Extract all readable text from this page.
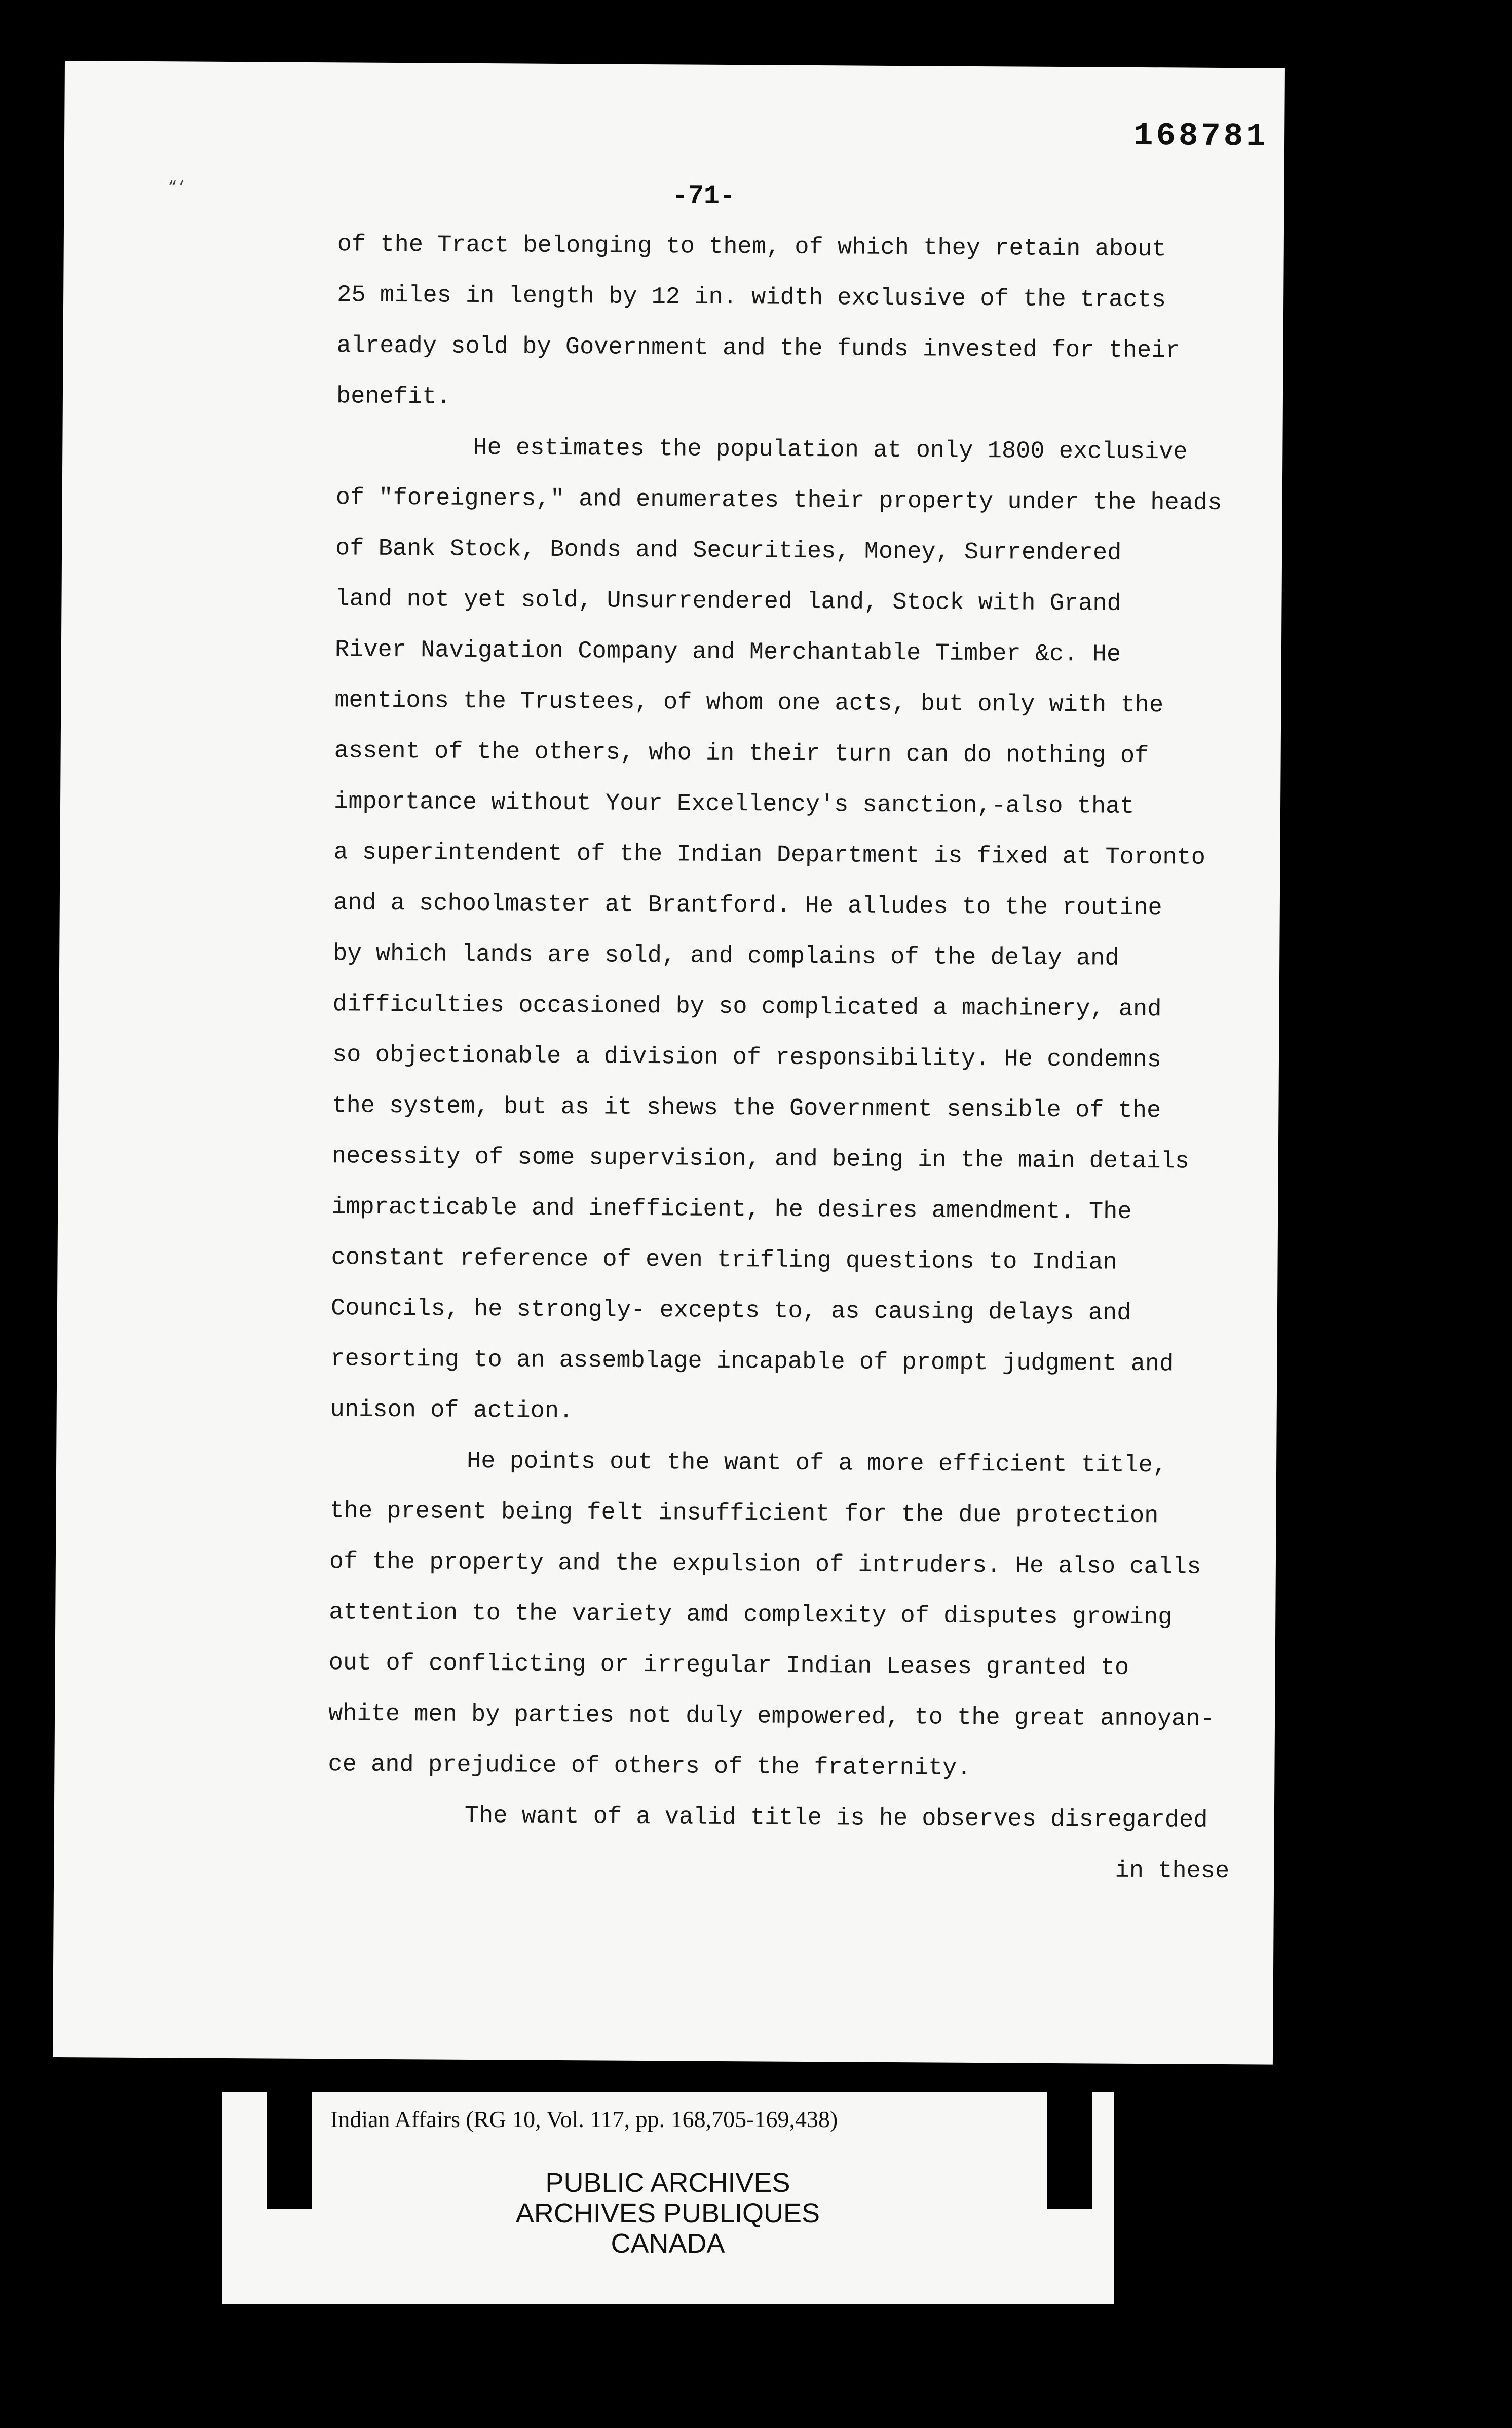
“‘
168781
-71-
of the Tract belonging to them, of which they retain about
25 miles in length by 12 in. width exclusive of the tracts
already sold by Government and the funds invested for their
benefit.
He estimates the population at only 1800 exclusive
of "foreigners," and enumerates their property under the heads
of Bank Stock, Bonds and Securities, Money, Surrendered
land not yet sold, Unsurrendered land, Stock with Grand
River Navigation Company and Merchantable Timber &c. He
mentions the Trustees, of whom one acts, but only with the
assent of the others, who in their turn can do nothing of
importance without Your Excellency's sanction,-also that
a superintendent of the Indian Department is fixed at Toronto
and a schoolmaster at Brantford. He alludes to the routine
by which lands are sold, and complains of the delay and
difficulties occasioned by so complicated a machinery, and
so objectionable a division of responsibility. He condemns
the system, but as it shews the Government sensible of the
necessity of some supervision, and being in the main details
impracticable and inefficient, he desires amendment. The
constant reference of even trifling questions to Indian
Councils, he strongly- excepts to, as causing delays and
resorting to an assemblage incapable of prompt judgment and
unison of action.
He points out the want of a more efficient title,
the present being felt insufficient for the due protection
of the property and the expulsion of intruders. He also calls
attention to the variety amd complexity of disputes growing
out of conflicting or irregular Indian Leases granted to
white men by parties not duly empowered, to the great annoyan-
ce and prejudice of others of the fraternity.
The want of a valid title is he observes disregarded
in these
Indian Affairs (RG 10, Vol. 117, pp. 168,705-169,438)
PUBLIC ARCHIVES
ARCHIVES PUBLIQUES
CANADA
